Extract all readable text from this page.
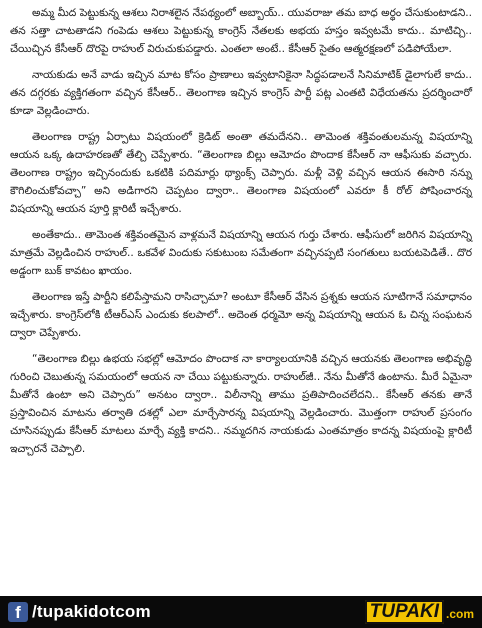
అమ్మ మీద పెట్టుకున్న ఆశలు నిరాశలైన నేపథ్యంలో అబ్బాయ్.. యువరాజు తమ బాధ అర్థం చేసుకుంటాడని.. తన సత్తా చాటతాడని గంపెడు ఆశలు పెట్టుకున్న కాంగ్రెస్ నేతలకు అభయ హస్తం ఇవ్వటమే కాదు.. మాటిచ్చి.. చేయిచ్చిన కేసీఆర్ దొరపై రాహుల్ విరుచుకుపడ్డారు. ఎంతలా అంటే.. కేసీఆర్ సైతం ఆత్మరక్షణలో పడిపోయేలా.

నాయకుడు అనే వాడు ఇచ్చిన మాట కోసం ప్రాణాలు ఇవ్వటానికైనా సిద్ధపడాలనే సినిమాటిక్ డైలాగులే కాదు.. తన దగ్గరకు వ్యక్తిగతంగా వచ్చిన కేసీఆర్.. తెలంగాణ ఇచ్చిన కాంగ్రెస్ పార్టీ పట్ల ఎంతటి విధేయతను ప్రదర్శించారో కూడా వెల్లడించారు.

తెలంగాణ రాష్ట్ర ఏర్పాటు విషయంలో క్రెడిట్ అంతా తమదేనని.. తామెంత శక్తివంతులమన్న విషయాన్ని ఆయన ఒక్క ఉదాహరణతో తేల్చి చెప్పేశారు. “తెలంగాణ బిల్లు ఆమోదం పొందాక కేసీఆర్ నా ఆఫీసుకు వచ్చారు. తెలంగాణ రాష్ట్రం ఇచ్చినందుకు ఒకటికి పదిమార్లు థ్యాంక్స్ చెప్పారు. మళ్లీ వెళ్లి వచ్చిన ఆయన ఈసారి నన్ను కౌగిలించుకోవచ్చా” అని అడిగారని చెప్పటం ద్వారా.. తెలంగాణ విషయంలో ఎవరూ కీ రోల్ పోషించారన్న విషయాన్ని ఆయన పూర్తి క్లారిటీ ఇచ్చేశారు.

అంతేకాదు.. తామెంత శక్తివంతమైన వాళ్లమనే విషయాన్ని ఆయన గుర్తు చేశారు. ఆఫీసులో జరిగిన విషయాన్ని మాత్రమే వెల్లడించిన రాహుల్.. ఒకవేళ విందుకు సకుటుంబ సమేతంగా వచ్చినప్పటి సంగతులు బయటపెడితే.. దొర అడ్డంగా బుక్ కావటం ఖాయం.

తెలంగాణ ఇస్తే పార్టీని కలిపేస్తామని రాసిచ్చామా? అంటూ కేసీఆర్ వేసిన ప్రశ్నకు ఆయన సూటిగానే సమాధానం ఇచ్చేశారు. కాంగ్రెస్‌లోకి టీఆర్ఎస్ ఎందుకు కలపాలో.. అదెంత ధర్మమో అన్న విషయాన్ని ఆయన ఓ చిన్న సంఘటన ద్వారా చెప్పేశారు.

“తెలంగాణ బిల్లు ఉభయ సభల్లో ఆమోదం పొందాక నా కార్యాలయానికి వచ్చిన ఆయనకు తెలంగాణ అభివృద్ధి గురించి చెబుతున్న సమయంలో ఆయన నా చేయి పట్టుకున్నారు. రాహుల్‌జీ.. నేను మీతోనే ఉంటాను. మీరే ఏమైనా మీతోనే ఉంటా అని చెప్పారు” అనటం ద్వారా.. విలీనాన్ని తాము ప్రతిపాదించలేదని.. కేసీఆర్ తనకు తానే ప్రస్తావించిన మాటను తర్వాతి దశల్లో ఎలా మార్చేసారన్న విషయాన్ని వెల్లడించారు. మొత్తంగా రాహుల్ ప్రసంగం చూసినప్పుడు కేసీఆర్ మాటలు మార్చే వ్యక్తి కాదని.. నమ్మదగిన నాయకుడు ఎంతమాత్రం కాదన్న విషయంపై క్లారిటీ ఇచ్చారనే చెప్పాలి.

f /tupakidotcom	TUPAKI .com
